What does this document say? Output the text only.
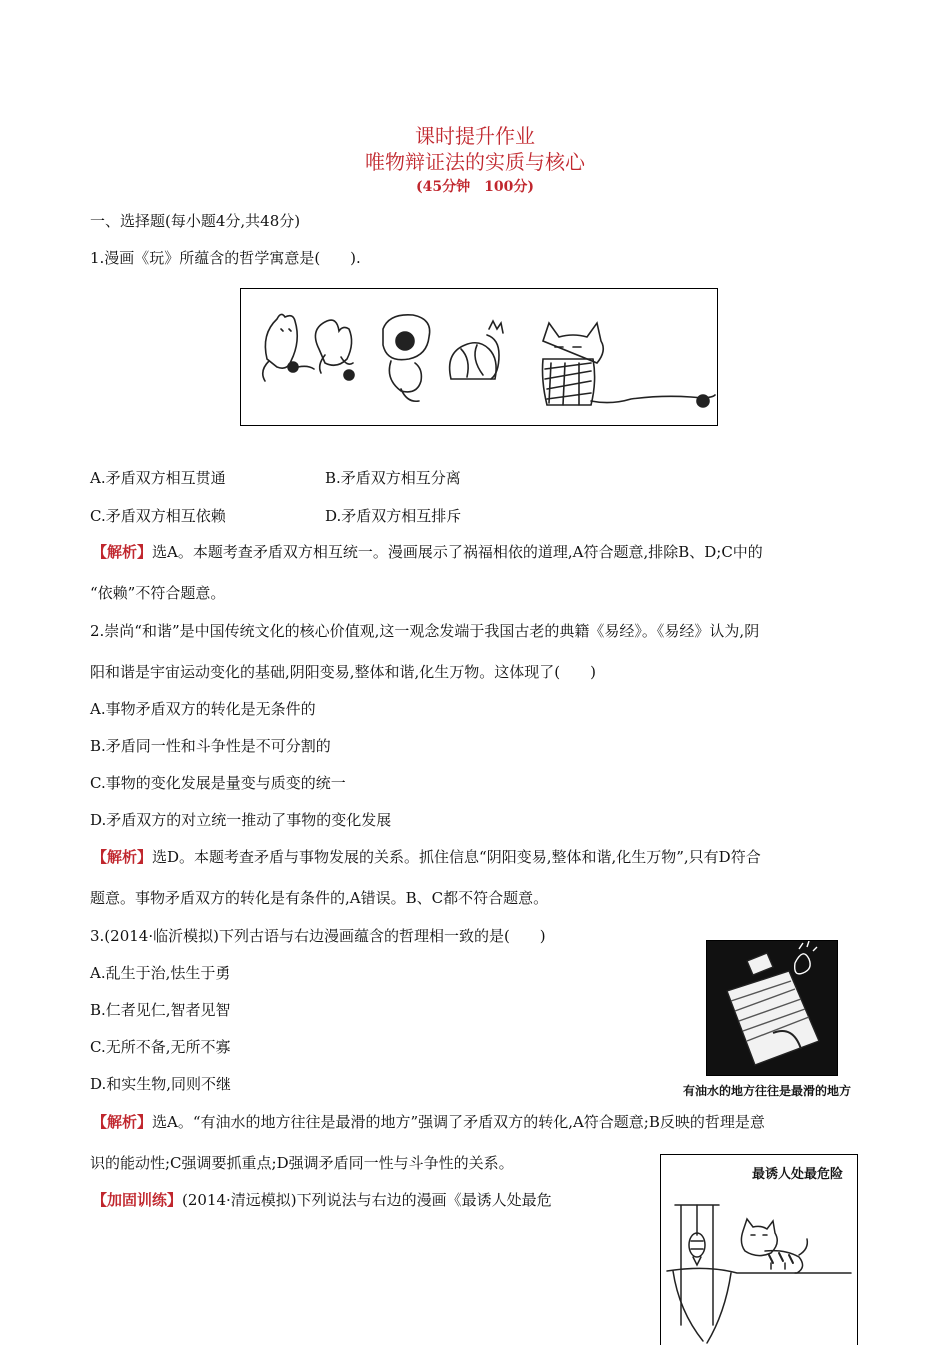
课时提升作业
唯物辩证法的实质与核心
(45分钟　100分)
一、选择题(每小题4分,共48分)
1.漫画《玩》所蕴含的哲学寓意是(　　).
A.矛盾双方相互贯通	B.矛盾双方相互分离
C.矛盾双方相互依赖	D.矛盾双方相互排斥
【解析】选A。本题考查矛盾双方相互统一。漫画展示了祸福相依的道理,A符合题意,排除B、D;C中的
“依赖”不符合题意。
2.崇尚“和谐”是中国传统文化的核心价值观,这一观念发端于我国古老的典籍《易经》。《易经》认为,阴
阳和谐是宇宙运动变化的基础,阴阳变易,整体和谐,化生万物。这体现了(　　)
A.事物矛盾双方的转化是无条件的
B.矛盾同一性和斗争性是不可分割的
C.事物的变化发展是量变与质变的统一
D.矛盾双方的对立统一推动了事物的变化发展
【解析】选D。本题考查矛盾与事物发展的关系。抓住信息“阴阳变易,整体和谐,化生万物”,只有D符合
题意。事物矛盾双方的转化是有条件的,A错误。B、C都不符合题意。
3.(2014·临沂模拟)下列古语与右边漫画蕴含的哲理相一致的是(　　)
A.乱生于治,怯生于勇
B.仁者见仁,智者见智
C.无所不备,无所不寡
D.和实生物,同则不继	有油水的地方往往是最滑的地方
【解析】选A。“有油水的地方往往是最滑的地方”强调了矛盾双方的转化,A符合题意;B反映的哲理是意
识的能动性;C强调要抓重点;D强调矛盾同一性与斗争性的关系。
【加固训练】(2014·清远模拟)下列说法与右边的漫画《最诱人处最危
最诱人处最危险
